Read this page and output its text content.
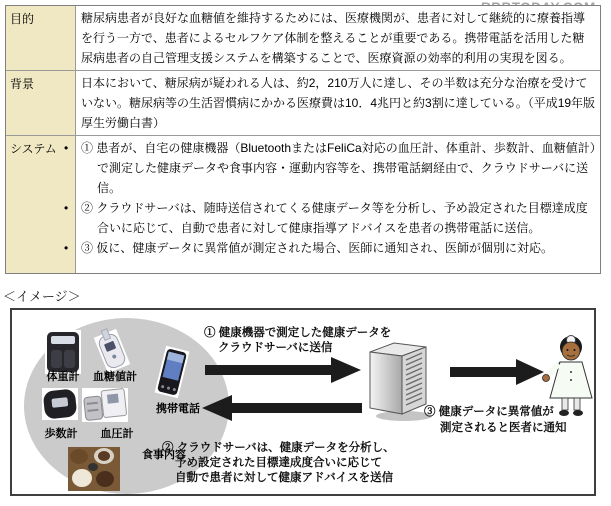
目的	糖尿病患者が良好な血糖値を維持するためには、医療機関が、患者に対して継続的に療養指導を行う一方で、患者によるセルフケア体制を整えることが重要である。携帯電話を活用した糖尿病患者の自己管理支援システムを構築することで、医療資源の効率的利用の実現を図る。
背景	日本において、糖尿病が疑われる人は、約2，210万人に達し、その半数は充分な治療を受けていない。糖尿病等の生活習慣病にかかる医療費は10．4兆円と約3割に達している。（平成19年版厚生労働白書）
システム • ① 患者が、自宅の健康機器（BluetoothまたはFeliCa対応の血圧計、体重計、歩数計、血糖値計）で測定した健康データや食事内容・運動内容等を、携帯電話網経由で、クラウドサーバに送信。
• ② クラウドサーバは、随時送信されてくる健康データ等を分析し、予め設定された目標達成度合いに応じて、自動で患者に対して健康指導アドバイスを患者の携帯電話に送信。
• ③ 仮に、健康データに異常値が測定された場合、医師に通知され、医師が個別に対応。
＜イメージ＞
体重計	血糖値計
携帯電話
歩数計	血圧計
食事内容
① 健康機器で測定した健康データを
クラウドサーバに送信
③ 健康データに異常値が
測定されると医者に通知
② クラウドサーバは、健康データを分析し、
予め設定された目標達成度合いに応じて
自動で患者に対して健康アドバイスを送信
